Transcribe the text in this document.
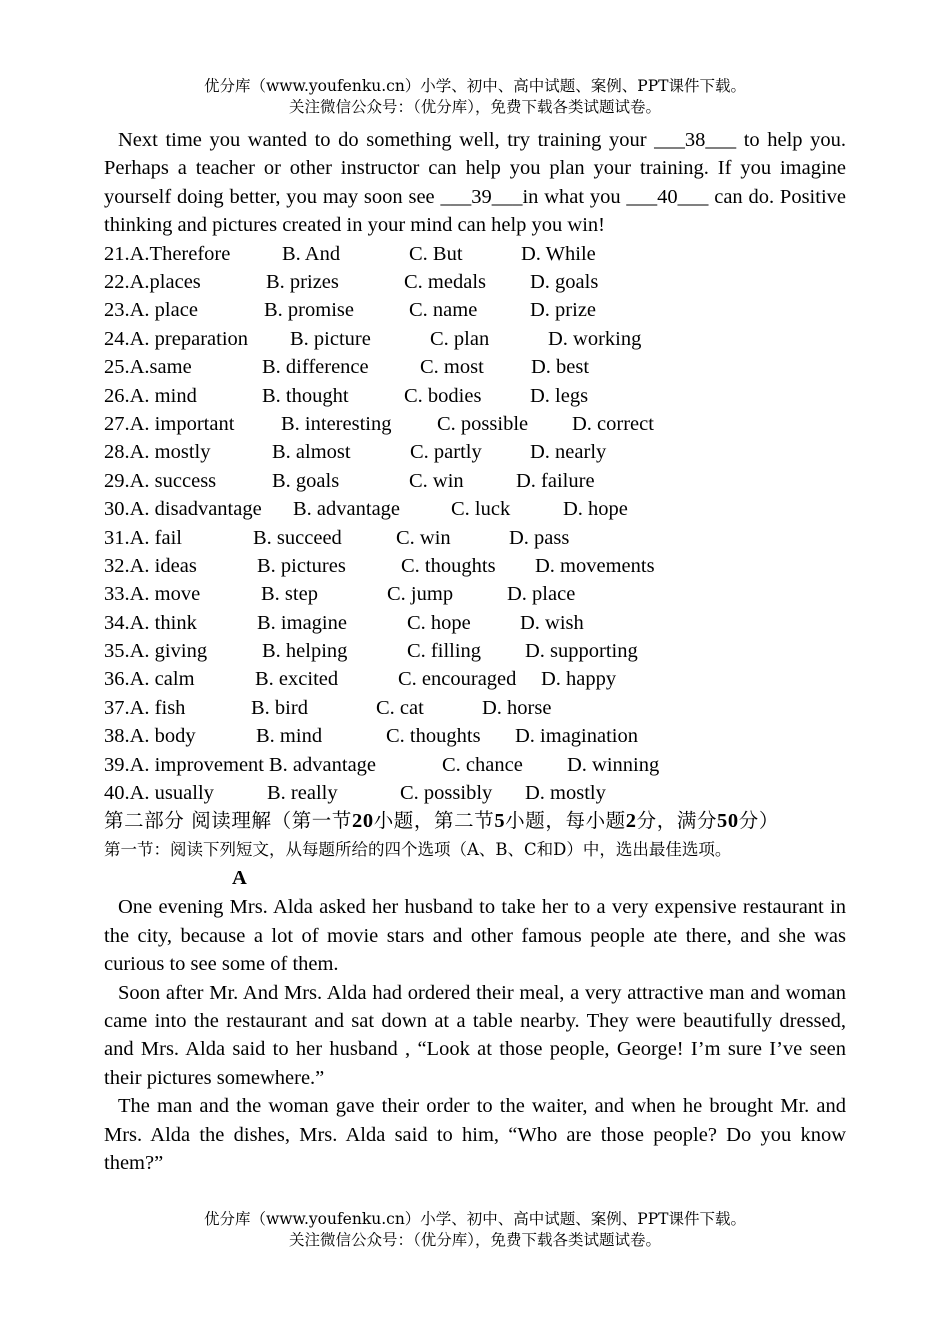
优分库（www.youfenku.cn）小学、初中、高中试题、案例、PPT课件下载。
关注微信公众号：（优分库），免费下载各类试题试卷。

Next time you wanted to do something well, try training your ___38___ to help you. Perhaps a teacher or other instructor can help you plan your training. If you imagine yourself doing better, you may soon see ___39___in what you ___40___ can do. Positive thinking and pictures created in your mind can help you win!

21.A.Therefore	B. And	C. But	D. While
22.A.places	B. prizes	C. medals D. goals
23.A. place	B. promise	C. name	D. prize
24.A. preparation B. picture	C. plan	D. working
25.A.same	B. difference	C. most D. best
26.A. mind	B. thought	C. bodies D. legs
27.A. important B. interesting C. possible D. correct
28.A. mostly	B. almost	C. partly D. nearly
29.A. success	B. goals	C. win	D. failure
30.A. disadvantage B. advantage C. luck	D. hope
31.A. fail	B. succeed	C. win	D. pass
32.A. ideas	B. pictures	C. thoughts D. movements
33.A. move	B. step	C. jump	D. place
34.A. think	B. imagine	C. hope D. wish
35.A. giving	B. helping	C. filling D. supporting
36.A. calm	B. excited	C. encouraged D. happy
37.A. fish	B. bird	C. cat	D. horse
38.A. body	B. mind	C. thoughts D. imagination
39.A. improvement B. advantage	C. chance D. winning
40.A. usually	B. really	C. possibly D. mostly

第二部分 阅读理解（第一节20小题，第二节5小题，每小题2分，满分50分）

第一节：阅读下列短文，从每题所给的四个选项（A、B、C和D）中，选出最佳选项。

A

One evening Mrs. Alda asked her husband to take her to a very expensive restaurant in the city, because a lot of movie stars and other famous people ate there, and she was curious to see some of them.

Soon after Mr. And Mrs. Alda had ordered their meal, a very attractive man and woman came into the restaurant and sat down at a table nearby. They were beautifully dressed, and Mrs. Alda said to her husband , “Look at those people, George! I’m sure I’ve seen their pictures somewhere.”

The man and the woman gave their order to the waiter, and when he brought Mr. and Mrs. Alda the dishes, Mrs. Alda said to him, “Who are those people? Do you know them?”

优分库（www.youfenku.cn）小学、初中、高中试题、案例、PPT课件下载。
关注微信公众号：（优分库），免费下载各类试题试卷。
